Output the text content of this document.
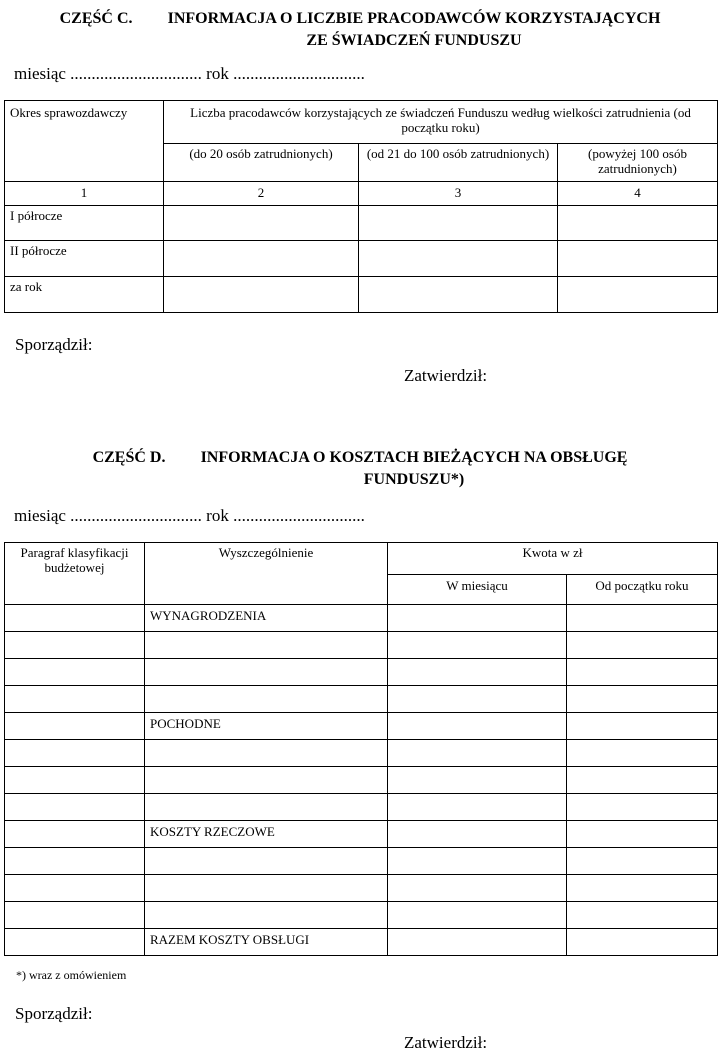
CZĘŚĆ C. INFORMACJA O LICZBIE PRACODAWCÓW KORZYSTAJĄCYCH
ZE ŚWIADCZEŃ FUNDUSZU
miesiąc ............................... rok ...............................
Okres sprawozdawczy	Liczba pracodawców korzystających ze świadczeń Funduszu według wielkości zatrudnienia (od początku roku)		
	(do 20 osób zatrudnionych)	(od 21 do 100 osób zatrudnionych)	(powyżej 100 osób zatrudnionych)
1	2	3	4
I półrocze			
II półrocze			
za rok			
Sporządził:
Zatwierdził:
CZĘŚĆ D. INFORMACJA O KOSZTACH BIEŻĄCYCH NA OBSŁUGĘ
FUNDUSZU*)
miesiąc ............................... rok ...............................
Paragraf klasyfikacji budżetowej	Wyszczególnienie	Kwota w zł	
		W miesiącu	Od początku roku
	WYNAGRODZENIA		

	POCHODNE		

	KOSZTY RZECZOWE		

	RAZEM KOSZTY OBSŁUGI		
*) wraz z omówieniem
Sporządził:
Zatwierdził:
